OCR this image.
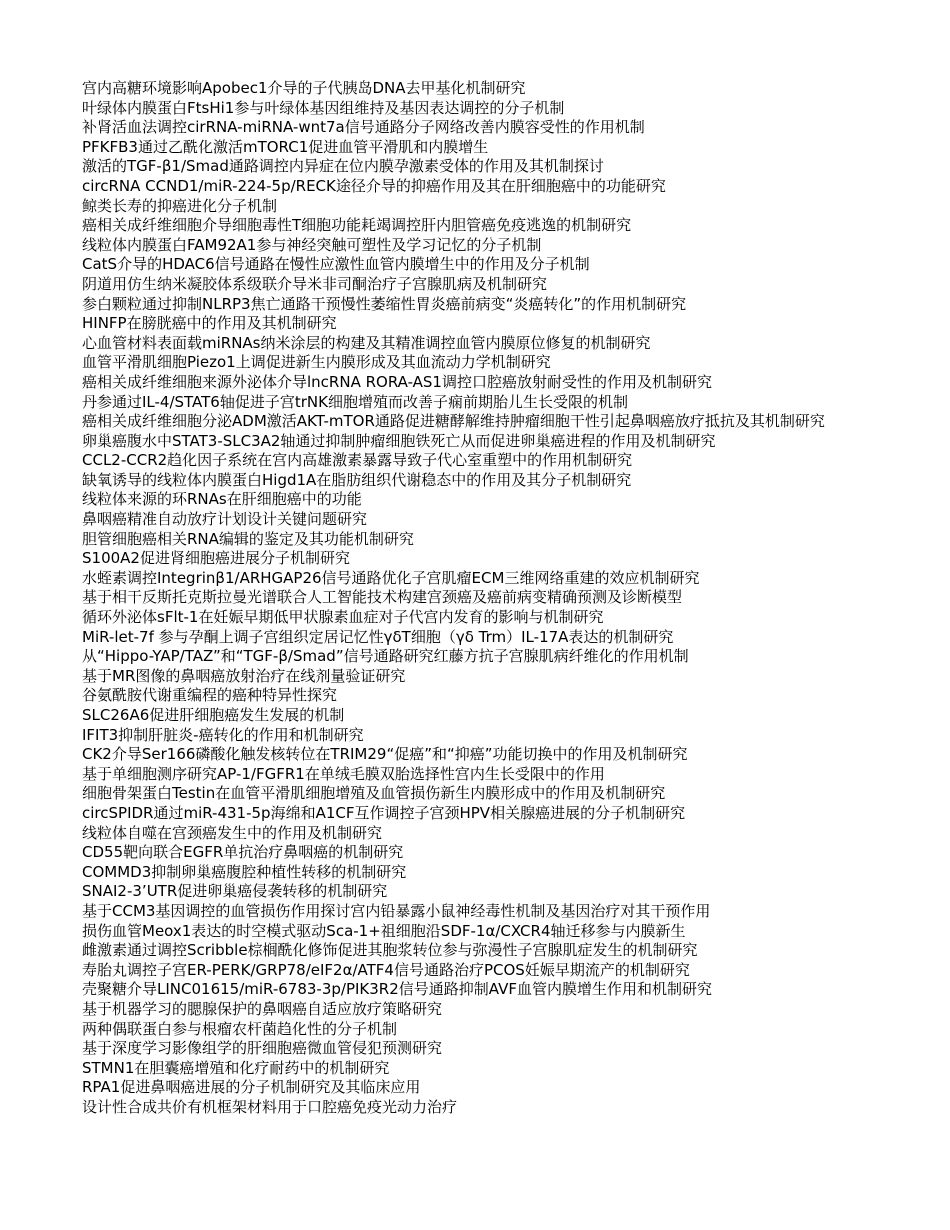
宫内高糖环境影响Apobec1介导的子代胰岛DNA去甲基化机制研究
叶绿体内膜蛋白FtsHi1参与叶绿体基因组维持及基因表达调控的分子机制
补肾活血法调控cirRNA-miRNA-wnt7a信号通路分子网络改善内膜容受性的作用机制
PFKFB3通过乙酰化激活mTORC1促进血管平滑肌和内膜增生
激活的TGF-β1/Smad通路调控内异症在位内膜孕激素受体的作用及其机制探讨
circRNA CCND1/miR-224-5p/RECK途径介导的抑癌作用及其在肝细胞癌中的功能研究
鲸类长寿的抑癌进化分子机制
癌相关成纤维细胞介导细胞毒性T细胞功能耗竭调控肝内胆管癌免疫逃逸的机制研究
线粒体内膜蛋白FAM92A1参与神经突触可塑性及学习记忆的分子机制
CatS介导的HDAC6信号通路在慢性应激性血管内膜增生中的作用及分子机制
阴道用仿生纳米凝胶体系级联介导米非司酮治疗子宫腺肌病及机制研究
参白颗粒通过抑制NLRP3焦亡通路干预慢性萎缩性胃炎癌前病变“炎癌转化”的作用机制研究
HINFP在膀胱癌中的作用及其机制研究
心血管材料表面载miRNAs纳米涂层的构建及其精准调控血管内膜原位修复的机制研究
血管平滑肌细胞Piezo1上调促进新生内膜形成及其血流动力学机制研究
癌相关成纤维细胞来源外泌体介导lncRNA RORA-AS1调控口腔癌放射耐受性的作用及机制研究
丹参通过IL-4/STAT6轴促进子宫trNK细胞增殖而改善子痫前期胎儿生长受限的机制
癌相关成纤维细胞分泌ADM激活AKT-mTOR通路促进糖酵解维持肿瘤细胞干性引起鼻咽癌放疗抵抗及其机制研究
卵巢癌腹水中STAT3-SLC3A2轴通过抑制肿瘤细胞铁死亡从而促进卵巢癌进程的作用及机制研究
CCL2-CCR2趋化因子系统在宫内高雄激素暴露导致子代心室重塑中的作用机制研究
缺氧诱导的线粒体内膜蛋白Higd1A在脂肪组织代谢稳态中的作用及其分子机制研究
线粒体来源的环RNAs在肝细胞癌中的功能
鼻咽癌精准自动放疗计划设计关键问题研究
胆管细胞癌相关RNA编辑的鉴定及其功能机制研究
S100A2促进肾细胞癌进展分子机制研究
水蛭素调控Integrinβ1/ARHGAP26信号通路优化子宫肌瘤ECM三维网络重建的效应机制研究
基于相干反斯托克斯拉曼光谱联合人工智能技术构建宫颈癌及癌前病变精确预测及诊断模型
循环外泌体sFlt-1在妊娠早期低甲状腺素血症对子代宫内发育的影响与机制研究
MiR-let-7f 参与孕酮上调子宫组织定居记忆性γδT细胞（γδ Trm）IL-17A表达的机制研究
从“Hippo-YAP/TAZ”和“TGF-β/Smad”信号通路研究红藤方抗子宫腺肌病纤维化的作用机制
基于MR图像的鼻咽癌放射治疗在线剂量验证研究
谷氨酰胺代谢重编程的癌种特异性探究
SLC26A6促进肝细胞癌发生发展的机制
IFIT3抑制肝脏炎-癌转化的作用和机制研究
CK2介导Ser166磷酸化触发核转位在TRIM29“促癌”和“抑癌”功能切换中的作用及机制研究
基于单细胞测序研究AP-1/FGFR1在单绒毛膜双胎选择性宫内生长受限中的作用
细胞骨架蛋白Testin在血管平滑肌细胞增殖及血管损伤新生内膜形成中的作用及机制研究
circSPIDR通过miR-431-5p海绵和A1CF互作调控子宫颈HPV相关腺癌进展的分子机制研究
线粒体自噬在宫颈癌发生中的作用及机制研究
CD55靶向联合EGFR单抗治疗鼻咽癌的机制研究
COMMD3抑制卵巢癌腹腔种植性转移的机制研究
SNAI2-3’UTR促进卵巢癌侵袭转移的机制研究
基于CCM3基因调控的血管损伤作用探讨宫内铅暴露小鼠神经毒性机制及基因治疗对其干预作用
损伤血管Meox1表达的时空模式驱动Sca-1+祖细胞沿SDF-1α/CXCR4轴迁移参与内膜新生
雌激素通过调控Scribble棕榈酰化修饰促进其胞浆转位参与弥漫性子宫腺肌症发生的机制研究
寿胎丸调控子宫ER-PERK/GRP78/eIF2α/ATF4信号通路治疗PCOS妊娠早期流产的机制研究
壳聚糖介导LINC01615/miR-6783-3p/PIK3R2信号通路抑制AVF血管内膜增生作用和机制研究
基于机器学习的腮腺保护的鼻咽癌自适应放疗策略研究
两种偶联蛋白参与根瘤农杆菌趋化性的分子机制
基于深度学习影像组学的肝细胞癌微血管侵犯预测研究
STMN1在胆囊癌增殖和化疗耐药中的机制研究
RPA1促进鼻咽癌进展的分子机制研究及其临床应用
设计性合成共价有机框架材料用于口腔癌免疫光动力治疗
